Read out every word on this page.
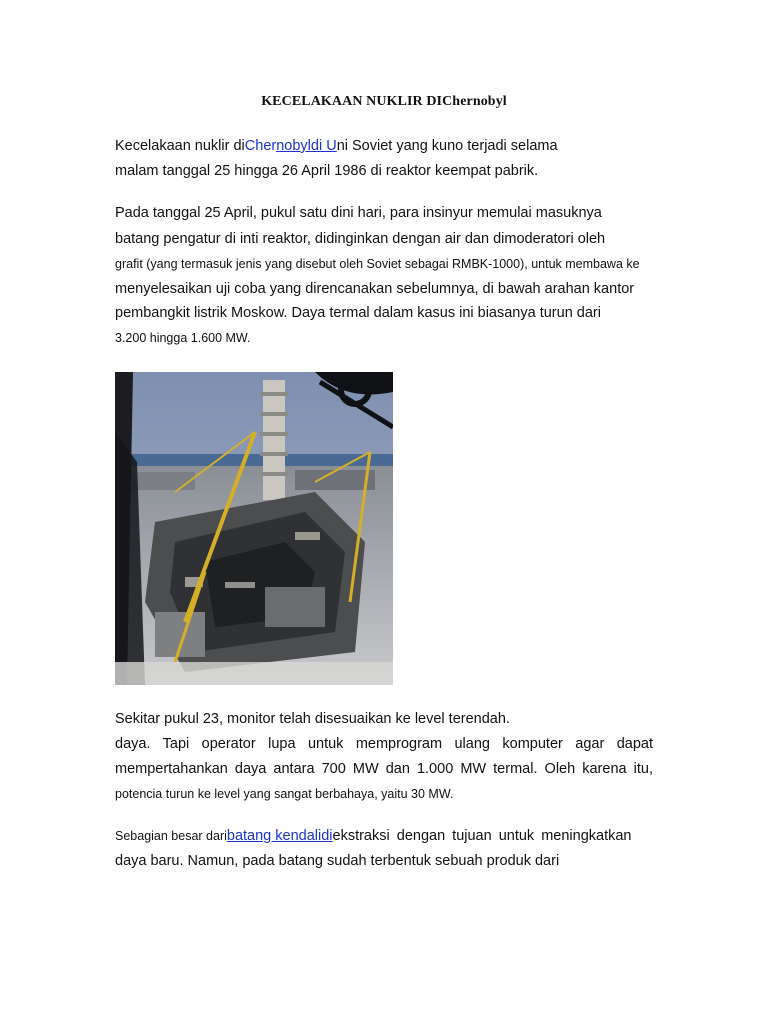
KECELAKAAN NUKLIR DIChernobyl
Kecelakaan nuklir diChernobyldi Uni Soviet yang kuno terjadi selama
malam tanggal 25 hingga 26 April 1986 di reaktor keempat pabrik.
Pada tanggal 25 April, pukul satu dini hari, para insinyur memulai masuknya
batang pengatur di inti reaktor, didinginkan dengan air dan dimoderatori oleh
grafit (yang termasuk jenis yang disebut oleh Soviet sebagai RMBK-1000), untuk membawa ke
menyelesaikan uji coba yang direncanakan sebelumnya, di bawah arahan kantor
pembangkit listrik Moskow. Daya termal dalam kasus ini biasanya turun dari
3.200 hingga 1.600 MW.
Sekitar pukul 23, monitor telah disesuaikan ke level terendah.
daya. Tapi operator lupa untuk memprogram ulang komputer agar dapat
mempertahankan daya antara 700 MW dan 1.000 MW termal. Oleh karena itu,
potencia turun ke level yang sangat berbahaya, yaitu 30 MW.
Sebagian besar daribatang kendalidiekstraksi dengan tujuan untuk meningkatkan
daya baru. Namun, pada batang sudah terbentuk sebuah produk dari
